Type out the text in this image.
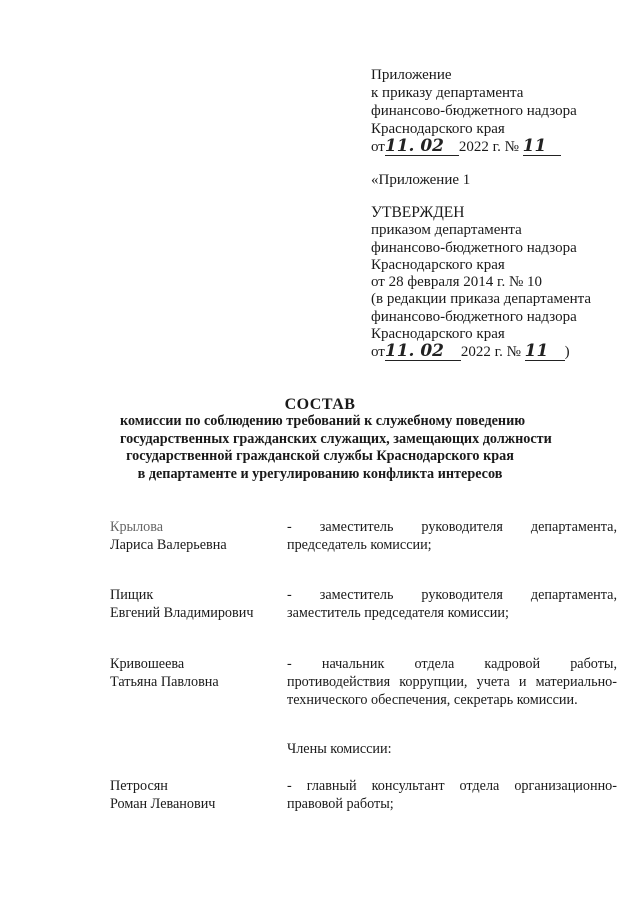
Приложение
к приказу департамента
финансово-бюджетного надзора
Краснодарского края
от11. 02 2022 г. № 11
«Приложение 1
УТВЕРЖДЕН
приказом департамента
финансово-бюджетного надзора
Краснодарского края
от 28 февраля 2014 г. № 10
(в редакции приказа департамента
финансово-бюджетного надзора
Краснодарского края
от11. 02 2022 г. № 11 )
СОСТАВ
комиссии по соблюдению требований к служебному поведению
государственных гражданских служащих, замещающих должности
государственной гражданской службы Краснодарского края
в департаменте и урегулированию конфликта интересов
Крылова
Лариса Валерьевна
- заместитель руководителя департамента, председатель комиссии;
Пищик
Евгений Владимирович
- заместитель руководителя департамента, заместитель председателя комиссии;
Кривошеева
Татьяна Павловна
- начальник отдела кадровой работы, противодействия коррупции, учета и материально-технического обеспечения, секретарь комиссии.
Члены комиссии:
Петросян
Роман Леванович
- главный консультант отдела организационно-правовой работы;
